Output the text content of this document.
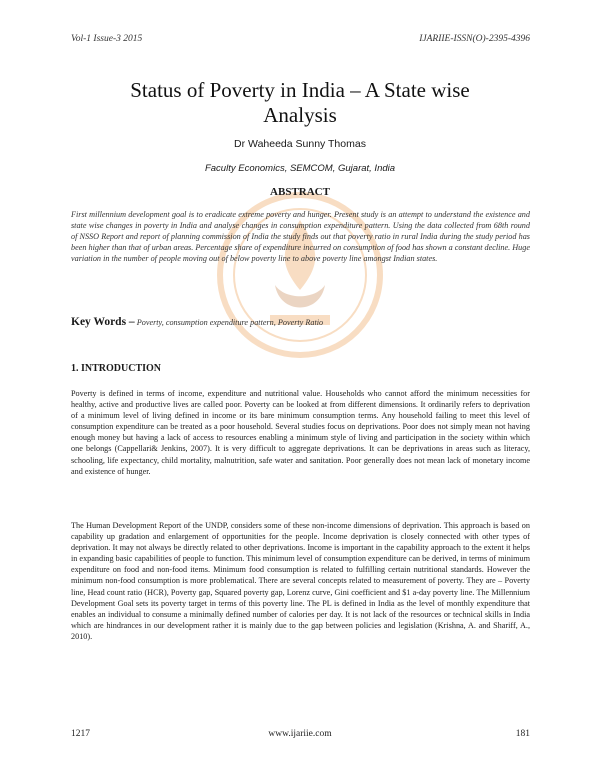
Vol-1 Issue-3 2015	IJARIIE-ISSN(O)-2395-4396
Status of Poverty in India – A State wise
Analysis
Dr Waheeda Sunny Thomas
Faculty Economics, SEMCOM, Gujarat, India
ABSTRACT
First millennium development goal is to eradicate extreme poverty and hunger. Present study is an attempt to understand the existence and state wise changes in poverty in India and analyse changes in consumption expenditure pattern. Using the data collected from 68th round of NSSO Report and report of planning commission of India the study finds out that poverty ratio in rural India during the study period has been higher than that of urban areas. Percentage share of expenditure incurred on consumption of food has shown a constant decline. Huge variation in the number of people moving out of below poverty line to above poverty line amongst Indian states.
Key Words – Poverty, consumption expenditure pattern, Poverty Ratio
1. INTRODUCTION
Poverty is defined in terms of income, expenditure and nutritional value. Households who cannot afford the minimum necessities for healthy, active and productive lives are called poor. Poverty can be looked at from different dimensions. It ordinarily refers to deprivation of a minimum level of living defined in income or its bare minimum consumption terms. Any household failing to meet this level of consumption expenditure can be treated as a poor household. Several studies focus on deprivations. Poor does not simply mean not having enough money but having a lack of access to resources enabling a minimum style of living and participation in the society within which one belongs (Cappellari& Jenkins, 2007). It is very difficult to aggregate deprivations. It can be deprivations in areas such as literacy, schooling, life expectancy, child mortality, malnutrition, safe water and sanitation. Poor generally does not mean lack of monetary income and existence of hunger.
The Human Development Report of the UNDP, considers some of these non-income dimensions of deprivation. This approach is based on capability up gradation and enlargement of opportunities for the people. Income deprivation is closely connected with other types of deprivation. It may not always be directly related to other deprivations. Income is important in the capability approach to the extent it helps in expanding basic capabilities of people to function. This minimum level of consumption expenditure can be derived, in terms of minimum expenditure on food and non-food items. Minimum food consumption is related to fulfilling certain nutritional standards. However the minimum non-food consumption is more problematical. There are several concepts related to measurement of poverty. They are – Poverty line, Head count ratio (HCR), Poverty gap, Squared poverty gap, Lorenz curve, Gini coefficient and $1 a-day poverty line. The Millennium Development Goal sets its poverty target in terms of this poverty line. The PL is defined in India as the level of monthly expenditure that enables an individual to consume a minimally defined number of calories per day. It is not lack of the resources or technical skills in India which are hindrances in our development rather it is mainly due to the gap between policies and legislation (Krishna, A. and Shariff, A., 2010).
1217	www.ijariie.com	181
